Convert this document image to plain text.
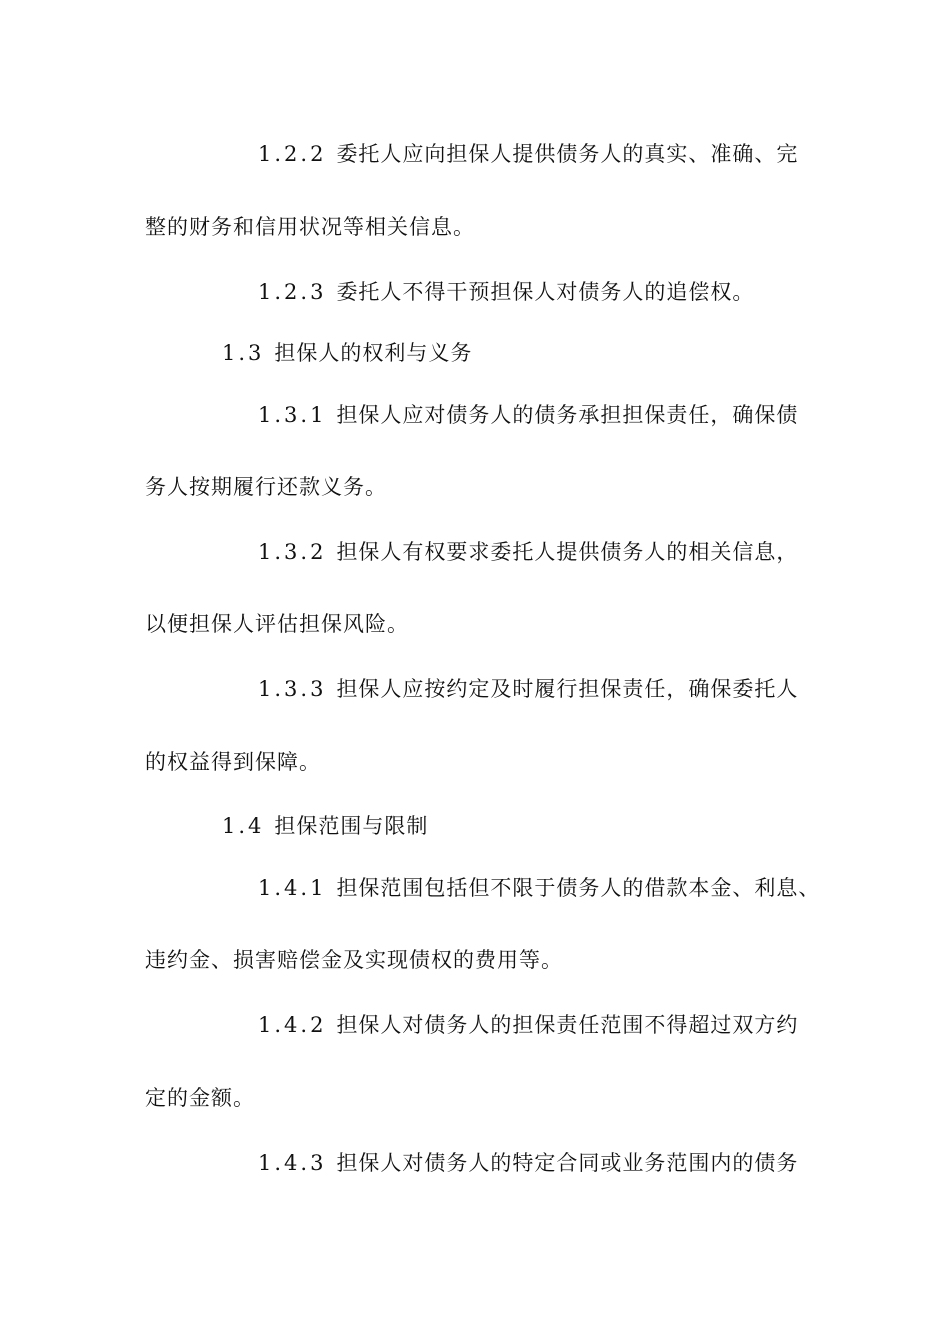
1.2.2 委托人应向担保人提供债务人的真实、准确、完
整的财务和信用状况等相关信息。
1.2.3 委托人不得干预担保人对债务人的追偿权。
1.3 担保人的权利与义务
1.3.1 担保人应对债务人的债务承担担保责任，确保债
务人按期履行还款义务。
1.3.2 担保人有权要求委托人提供债务人的相关信息，
以便担保人评估担保风险。
1.3.3 担保人应按约定及时履行担保责任，确保委托人
的权益得到保障。
1.4 担保范围与限制
1.4.1 担保范围包括但不限于债务人的借款本金、利息、
违约金、损害赔偿金及实现债权的费用等。
1.4.2 担保人对债务人的担保责任范围不得超过双方约
定的金额。
1.4.3 担保人对债务人的特定合同或业务范围内的债务
